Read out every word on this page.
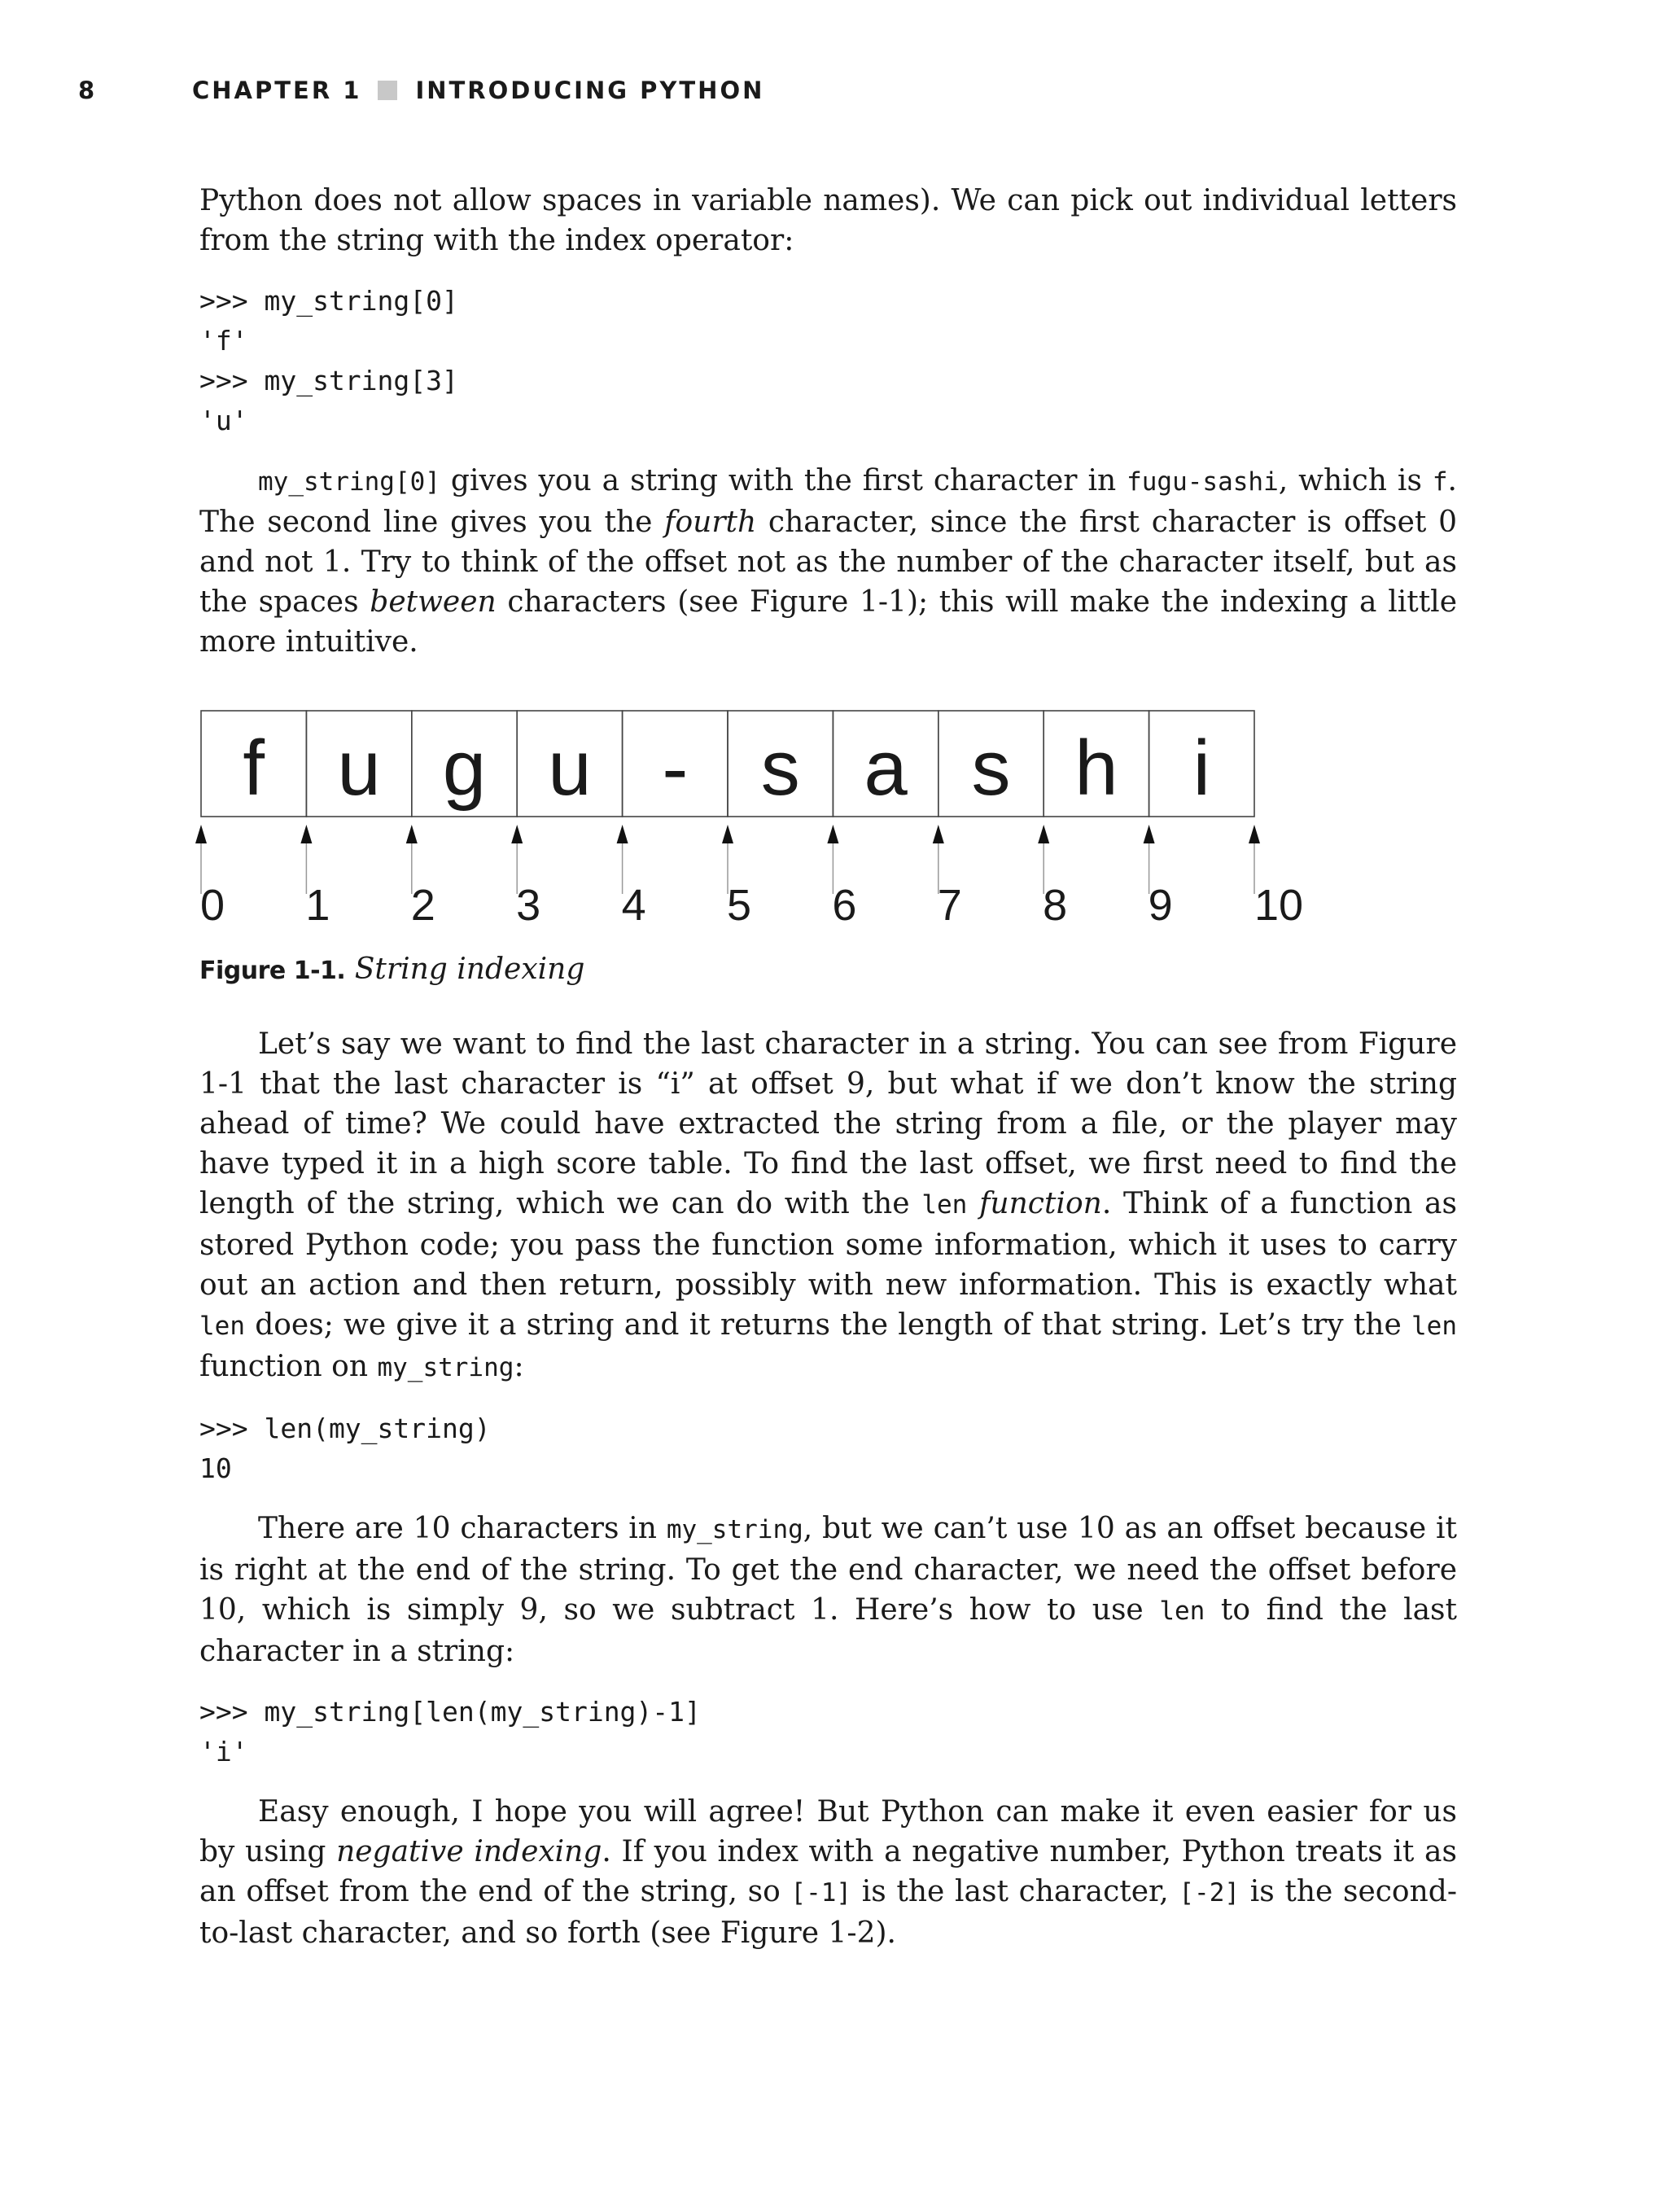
8	CHAPTER 1 INTRODUCING PYTHON

Python does not allow spaces in variable names). We can pick out individual letters from the string with the index operator:

>>> my_string[0]
'f'
>>> my_string[3]
'u'

my_string[0] gives you a string with the first character in fugu-sashi, which is f. The second line gives you the fourth character, since the first character is offset 0 and not 1. Try to think of the offset not as the number of the character itself, but as the spaces between characters (see Figure 1-1); this will make the indexing a little more intuitive.

f u g u - s a s h i
0 1 2 3 4 5 6 7 8 9 10
Figure 1-1. String indexing

Let’s say we want to find the last character in a string. You can see from Figure 1-1 that the last character is “i” at offset 9, but what if we don’t know the string ahead of time? We could have extracted the string from a file, or the player may have typed it in a high score table. To find the last offset, we first need to find the length of the string, which we can do with the len function. Think of a function as stored Python code; you pass the function some information, which it uses to carry out an action and then return, possibly with new information. This is exactly what len does; we give it a string and it returns the length of that string. Let’s try the len function on my_string:

>>> len(my_string)
10

There are 10 characters in my_string, but we can’t use 10 as an offset because it is right at the end of the string. To get the end character, we need the offset before 10, which is simply 9, so we subtract 1. Here’s how to use len to find the last character in a string:

>>> my_string[len(my_string)-1]
'i'

Easy enough, I hope you will agree! But Python can make it even easier for us by using negative indexing. If you index with a negative number, Python treats it as an offset from the end of the string, so [-1] is the last character, [-2] is the second-to-last character, and so forth (see Figure 1-2).
